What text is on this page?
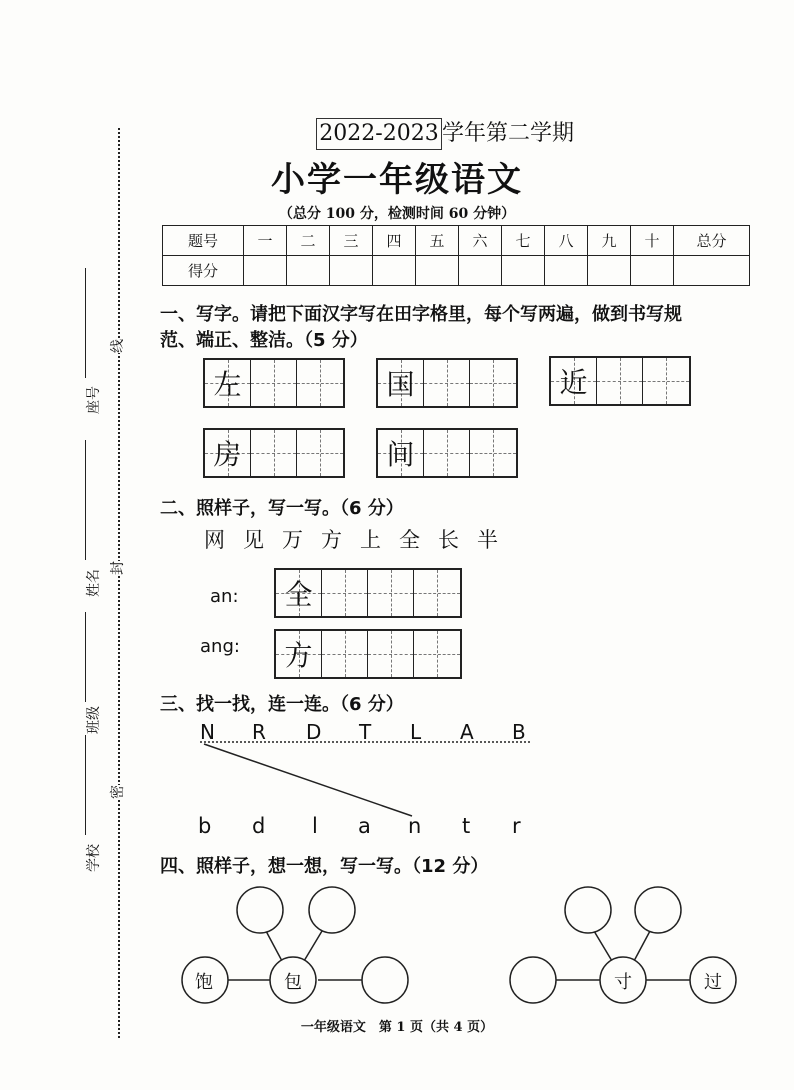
线
封
密
座号
姓名
班级
学校
2022-2023 学年第二学期
小学一年级语文
（总分 100 分，检测时间 60 分钟）
题号	一	二	三	四	五	六	七	八	九	十	总分
得分											
一、写字。请把下面汉字写在田字格里，每个写两遍，做到书写规
范、端正、整洁。（5 分）
左	国	近
房	间
二、照样子，写一写。（6 分）
网 见 万 方 上 全 长 半
an: 全
ang: 方
三、找一找，连一连。（6 分）
N R D T L A B
b d l a n t r
四、照样子，想一想，写一写。（12 分）
饱	包	寸	过
一年级语文　第 1 页（共 4 页）
